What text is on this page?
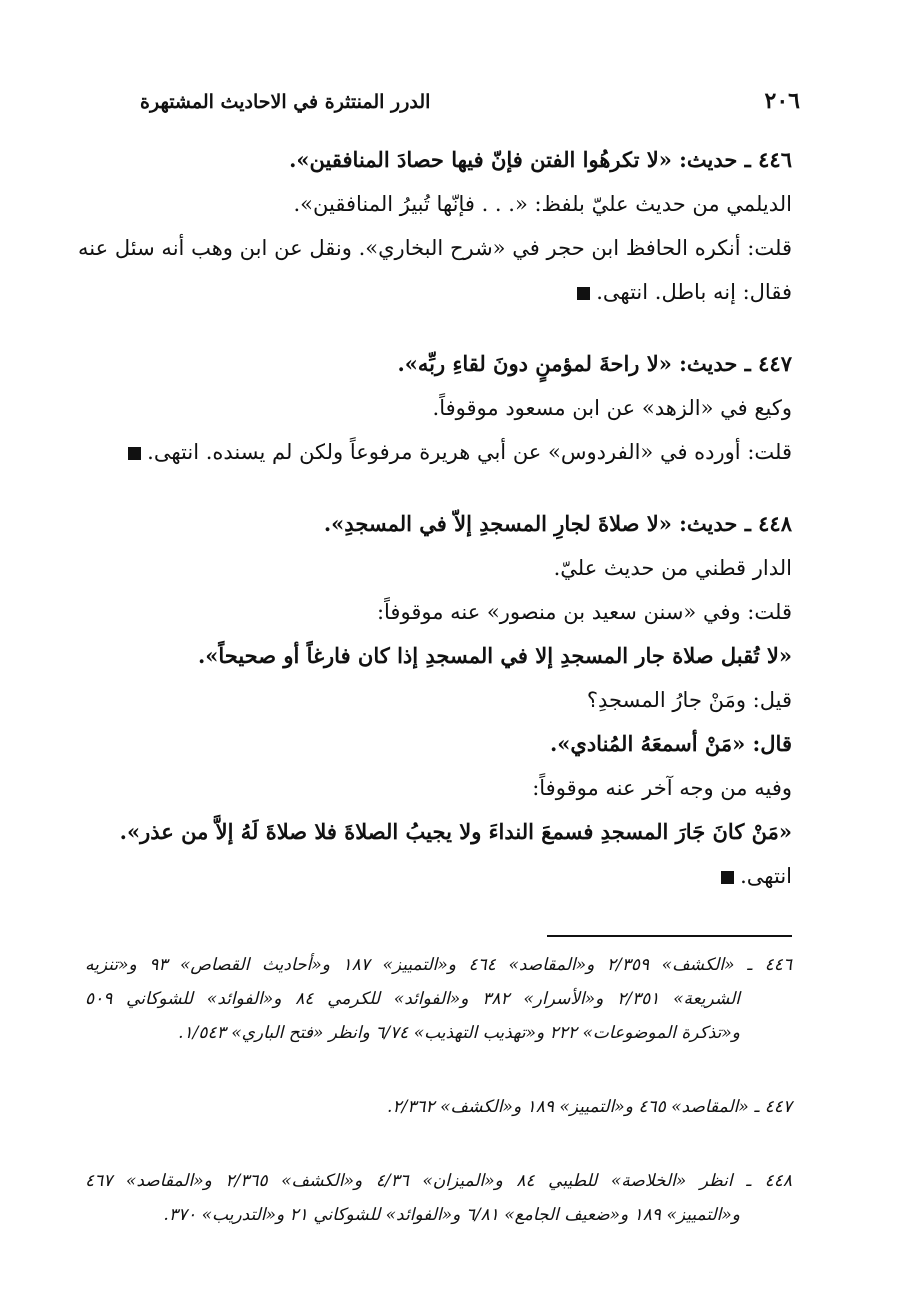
٢٠٦
الدرر المنتثرة في الاحاديث المشتهرة
٤٤٦ ـ حديث: «لا تكرهُوا الفتن فإنّ فيها حصادَ المنافقين».
الديلمي من حديث عليّ بلفظ: «. . . فإنّها تُبيرُ المنافقين».
قلت: أنكره الحافظ ابن حجر في «شرح البخاري». ونقل عن ابن وهب أنه سئل عنه
فقال: إنه باطل. انتهى.
٤٤٧ ـ حديث: «لا راحةَ لمؤمنٍ دونَ لقاءِ ربِّه».
وكيع في «الزهد» عن ابن مسعود موقوفاً.
قلت: أورده في «الفردوس» عن أبي هريرة مرفوعاً ولكن لم يسنده. انتهى.
٤٤٨ ـ حديث: «لا صلاةَ لجارِ المسجدِ إلاّ في المسجدِ».
الدار قطني من حديث عليّ.
قلت: وفي «سنن سعيد بن منصور» عنه موقوفاً:
«لا تُقبل صلاة جار المسجدِ إلا في المسجدِ إذا كان فارغاً أو صحيحاً».
قيل: ومَنْ جارُ المسجدِ؟
قال: «مَنْ أسمعَهُ المُنادي».
وفيه من وجه آخر عنه موقوفاً:
«مَنْ كانَ جَارَ المسجدِ فسمعَ النداءَ ولا يجيبُ الصلاةَ فلا صلاةَ لَهُ إلاَّ من عذر».
انتهى.
٤٤٦ ـ «الكشف» ٢/٣٥٩ و«المقاصد» ٤٦٤ و«التمييز» ١٨٧ و«أحاديث القصاص» ٩٣ و«تنزيه
الشريعة» ٢/٣٥١ و«الأسرار» ٣٨٢ و«الفوائد» للكرمي ٨٤ و«الفوائد» للشوكاني ٥٠٩
و«تذكرة الموضوعات» ٢٢٢ و«تهذيب التهذيب» ٦/٧٤ وانظر «فتح الباري» ١/٥٤٣.
٤٤٧ ـ «المقاصد» ٤٦٥ و«التمييز» ١٨٩ و«الكشف» ٢/٣٦٢.
٤٤٨ ـ انظر «الخلاصة» للطيبي ٨٤ و«الميزان» ٤/٣٦ و«الكشف» ٢/٣٦٥ و«المقاصد» ٤٦٧
و«التمييز» ١٨٩ و«ضعيف الجامع» ٦/٨١ و«الفوائد» للشوكاني ٢١ و«التدريب» ٣٧٠.
